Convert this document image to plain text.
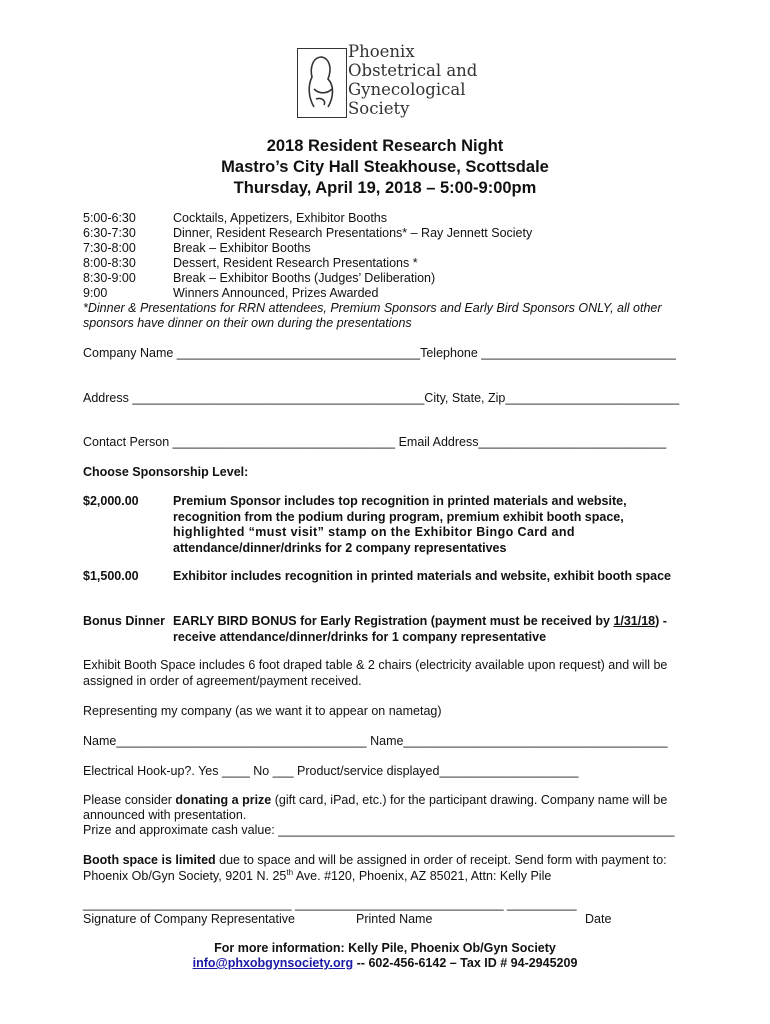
Phoenix
Obstetrical and
Gynecological
Society
2018 Resident Research Night
Mastro’s City Hall Steakhouse, Scottsdale
Thursday, April 19, 2018 – 5:00-9:00pm
5:00-6:30	Cocktails, Appetizers, Exhibitor Booths
6:30-7:30	Dinner, Resident Research Presentations* – Ray Jennett Society
7:30-8:00	Break – Exhibitor Booths
8:00-8:30	Dessert, Resident Research Presentations *
8:30-9:00	Break – Exhibitor Booths (Judges’ Deliberation)
9:00	Winners Announced, Prizes Awarded
*Dinner & Presentations for RRN attendees, Premium Sponsors and Early Bird Sponsors ONLY, all other
sponsors have dinner on their own during the presentations
Company Name ___________________________________Telephone ____________________________
Address __________________________________________City, State, Zip_________________________
Contact Person ________________________________ Email Address___________________________
Choose Sponsorship Level:
$2,000.00	Premium Sponsor includes top recognition in printed materials and website,
recognition from the podium during program, premium exhibit booth space,
highlighted “must visit” stamp on the Exhibitor Bingo Card and
attendance/dinner/drinks for 2 company representatives
$1,500.00	Exhibitor includes recognition in printed materials and website, exhibit booth space
Bonus Dinner EARLY BIRD BONUS for Early Registration (payment must be received by 1/31/18) -
receive attendance/dinner/drinks for 1 company representative
Exhibit Booth Space includes 6 foot draped table & 2 chairs (electricity available upon request) and will be
assigned in order of agreement/payment received.
Representing my company (as we want it to appear on nametag)
Name____________________________________ Name______________________________________
Electrical Hook-up?. Yes ____ No ___ Product/service displayed____________________
Please consider donating a prize (gift card, iPad, etc.) for the participant drawing. Company name will be
announced with presentation.
Prize and approximate cash value: _________________________________________________________
Booth space is limited due to space and will be assigned in order of receipt. Send form with payment to:
Phoenix Ob/Gyn Society, 9201 N. 25th Ave. #120, Phoenix, AZ 85021, Attn: Kelly Pile
______________________________ ______________________________ __________
Signature of Company Representative	Printed Name	Date
For more information: Kelly Pile, Phoenix Ob/Gyn Society
info@phxobgynsociety.org -- 602-456-6142 – Tax ID # 94-2945209
